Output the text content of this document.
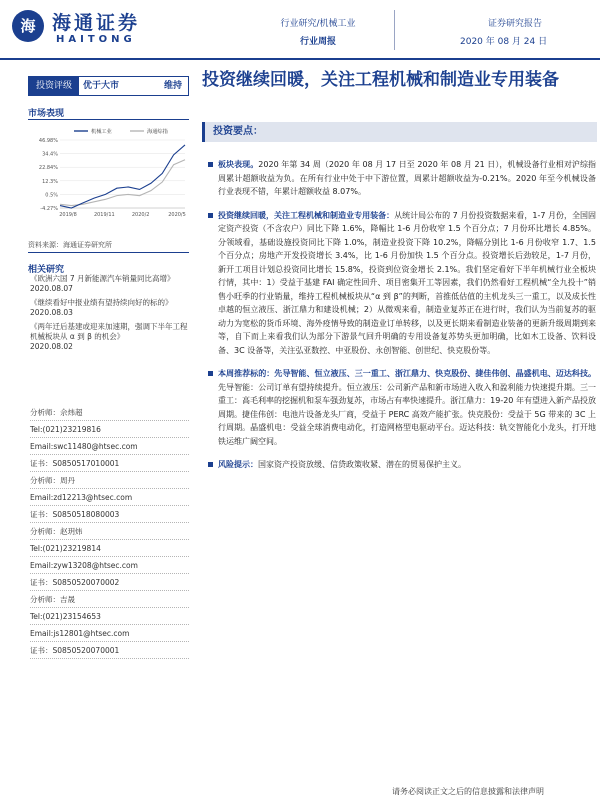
海 海通证券
HAITONG
行业研究/机械工业
行业周报
证券研究报告
2020 年 08 月 24 日
投资评级	优于大市	维持
市场表现
46.98%
34.4%
22.84%
12.3%
0.5%
-4.27%
2019/8	2019/11	2020/2	2020/5
机械工业	海通综指
资料来源：海通证券研究所
相关研究
《欧洲六国 7 月新能源汽车销量同比高增》
2020.08.07
《继续看好中报业绩有望持续向好的标的》
2020.08.03
《两年迁后基建或迎来加速期，强调下半年工程机械板块从 α 到 β 的机会》
2020.08.02
分析师：佘炜超
Tel:(021)23219816
Email:swc11480@htsec.com
证书：S0850517010001
分析师：周丹
Email:zd12213@htsec.com
证书：S0850518080003
分析师：赵玥炜
Tel:(021)23219814
Email:zyw13208@htsec.com
证书：S0850520070002
分析师：吉晟
Tel:(021)23154653
Email:js12801@htsec.com
证书：S0850520070001
投资继续回暖，关注工程机械和制造业专用装备
投资要点：
板块表现。2020 年第 34 周（2020 年 08 月 17 日至 2020 年 08 月 21 日），机械设备行业相对沪综指周累计超额收益为负。在所有行业中处于中下游位置，周累计超额收益为-0.21%。2020 年至今机械设备行业表现不错，年累计超额收益 8.07%。
投资继续回暖，关注工程机械和制造业专用装备：从统计局公布的 7 月份投资数据来看，1-7 月份，全国固定资产投资（不含农户）同比下降 1.6%，降幅比 1-6 月份收窄 1.5 个百分点；7 月份环比增长 4.85%。分领域看，基础设施投资同比下降 1.0%，制造业投资下降 10.2%，降幅分别比 1-6 月份收窄 1.7、1.5 个百分点；房地产开发投资增长 3.4%，比 1-6 月份加快 1.5 个百分点。投资增长后劲较足，1-7 月份，新开工项目计划总投资同比增长 15.8%，投资到位资金增长 2.1%。我们坚定看好下半年机械行业全板块行情，其中：1）受益于基建 FAI 确定性回升、项目密集开工等因素，我们仍然看好工程机械“全九投十”销售小旺季的行业销量，维持工程机械板块从“α 到 β”的判断，首推低估值的主机龙头三一重工，以及成长性卓越的恒立液压、浙江鼎力和建设机械；2）从微观来看，制造业复苏正在进行时，我们认为当前复苏的驱动力为宽松的货币环境、海外疫情导致的制造业订单转移，以及更长期来看制造业装备的更新升级周期到来等，自下而上来看我们认为部分下游景气回升明确的专用设备复苏势头更加明确，比如木工设备、饮料设备、3C 设备等，关注弘亚数控、中亚股份、永创智能、创世纪、快克股份等。
本周推荐标的：先导智能、恒立液压、三一重工、浙江鼎力、快克股份、捷佳伟创、晶盛机电、迈达科技。先导智能：公司订单有望持续提升。恒立液压：公司新产品和新市场进入收入和盈利能力快速提升期。三一重工：高毛利率的挖掘机和泵车强劲复苏，市场占有率快速提升。浙江鼎力：19-20 年有望进入新产品投放周期。捷佳伟创：电池片设备龙头厂商，受益于 PERC 高效产能扩张。快克股份：受益于 5G 带来的 3C 上行周期。晶盛机电：受益全球消费电动化，打造网格型电驱动平台。迈达科技：轨交智能化小龙头，打开地铁运维广阔空间。
风险提示：国家资产投资放缓、信贷政策收紧、潜在的贸易保护主义。
请务必阅读正文之后的信息披露和法律声明
